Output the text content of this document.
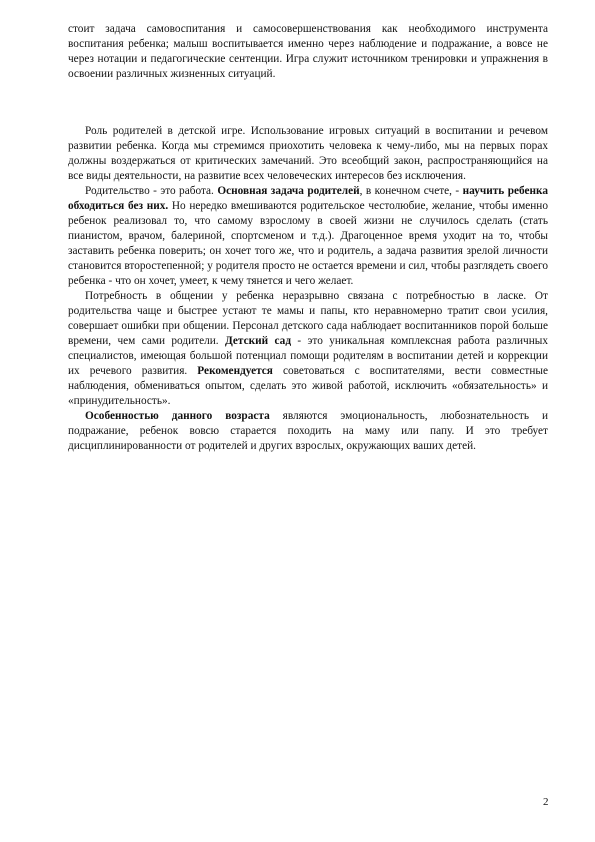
стоит задача самовоспитания и самосовершенствования как необходимого инструмента воспитания ребенка; малыш воспитывается именно через наблюдение и подражание, а вовсе не через нотации и педагогические сентенции. Игра служит источником тренировки и упражнения в освоении различных жизненных ситуаций.

Роль родителей в детской игре. Использование игровых ситуаций в воспитании и речевом развитии ребенка. Когда мы стремимся приохотить человека к чему-либо, мы на первых порах должны воздержаться от критических замечаний. Это всеобщий закон, распространяющийся на все виды деятельности, на развитие всех человеческих интересов без исключения.

Родительство - это работа. Основная задача родителей, в конечном счете, - научить ребенка обходиться без них. Но нередко вмешиваются родительское честолюбие, желание, чтобы именно ребенок реализовал то, что самому взрослому в своей жизни не случилось сделать (стать пианистом, врачом, балериной, спортсменом и т.д.). Драгоценное время уходит на то, чтобы заставить ребенка поверить; он хочет того же, что и родитель, а задача развития зрелой личности становится второстепенной; у родителя просто не остается времени и сил, чтобы разглядеть своего ребенка - что он хочет, умеет, к чему тянется и чего желает.

Потребность в общении у ребенка неразрывно связана с потребностью в ласке. От родительства чаще и быстрее устают те мамы и папы, кто неравномерно тратит свои усилия, совершает ошибки при общении. Персонал детского сада наблюдает воспитанников порой больше времени, чем сами родители. Детский сад - это уникальная комплексная работа различных специалистов, имеющая большой потенциал помощи родителям в воспитании детей и коррекции их речевого развития. Рекомендуется советоваться с воспитателями, вести совместные наблюдения, обмениваться опытом, сделать это живой работой, исключить «обязательность» и «принудительность».

Особенностью данного возраста являются эмоциональность, любознательность и подражание, ребенок вовсю старается походить на маму или папу. И это требует дисциплинированности от родителей и других взрослых, окружающих ваших детей.

2
